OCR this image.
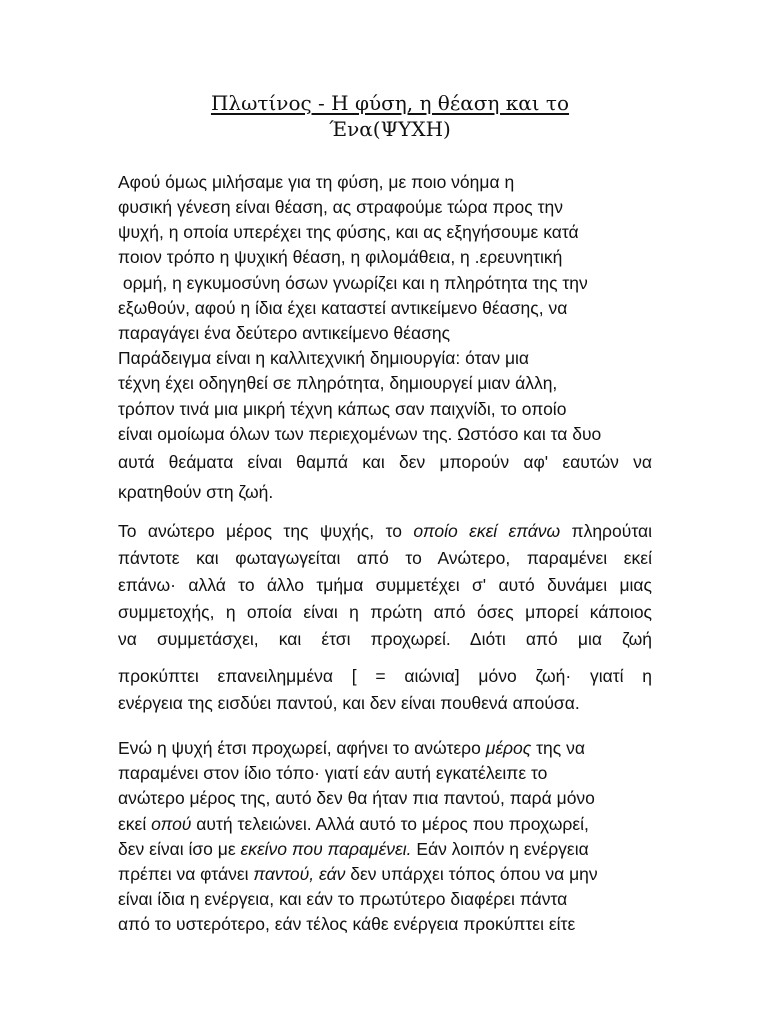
Πλωτίνος - Η φύση, η θέαση και το
Ένα(ΨΥΧΗ)
Αφού όμως μιλήσαμε για τη φύση, με ποιο νόημα η
φυσική γένεση είναι θέαση, ας στραφούμε τώρα προς την
ψυχή, η οποία υπερέχει της φύσης, και ας εξηγήσουμε κατά
ποιον τρόπο η ψυχική θέαση, η φιλομάθεια, η .ερευνητική
ορμή, η εγκυμοσύνη όσων γνωρίζει και η πληρότητα της την
εξωθούν, αφού η ίδια έχει καταστεί αντικείμενο θέασης, να
παραγάγει ένα δεύτερο αντικείμενο θέασης
Παράδειγμα είναι η καλλιτεχνική δημιουργία: όταν μια
τέχνη έχει οδηγηθεί σε πληρότητα, δημιουργεί μιαν άλλη,
τρόπον τινά μια μικρή τέχνη κάπως σαν παιχνίδι, το οποίο
είναι ομοίωμα όλων των περιεχομένων της. Ωστόσο και τα δυο
αυτά θεάματα είναι θαμπά και δεν μπορούν αφ' εαυτών να
κρατηθούν στη ζωή.
Το ανώτερο μέρος της ψυχής, το οποίο εκεί επάνω πληρούται
πάντοτε και φωταγωγείται από το Ανώτερο, παραμένει εκεί
επάνω· αλλά το άλλο τμήμα συμμετέχει σ' αυτό δυνάμει μιας
συμμετοχής, η οποία είναι η πρώτη από όσες μπορεί κάποιος
να συμμετάσχει, και έτσι προχωρεί. Διότι από μια ζωή
προκύπτει επανειλημμένα [ = αιώνια] μόνο ζωή· γιατί η
ενέργεια της εισδύει παντού, και δεν είναι πουθενά απούσα.
Ενώ η ψυχή έτσι προχωρεί, αφήνει το ανώτερο μέρος της να
παραμένει στον ίδιο τόπο· γιατί εάν αυτή εγκατέλειπε το
ανώτερο μέρος της, αυτό δεν θα ήταν πια παντού, παρά μόνο
εκεί οπού αυτή τελειώνει. Αλλά αυτό το μέρος που προχωρεί,
δεν είναι ίσο με εκείνο που παραμένει. Εάν λοιπόν η ενέργεια
πρέπει να φτάνει παντού, εάν δεν υπάρχει τόπος όπου να μην
είναι ίδια η ενέργεια, και εάν το πρωτύτερο διαφέρει πάντα
από το υστερότερο, εάν τέλος κάθε ενέργεια προκύπτει είτε
